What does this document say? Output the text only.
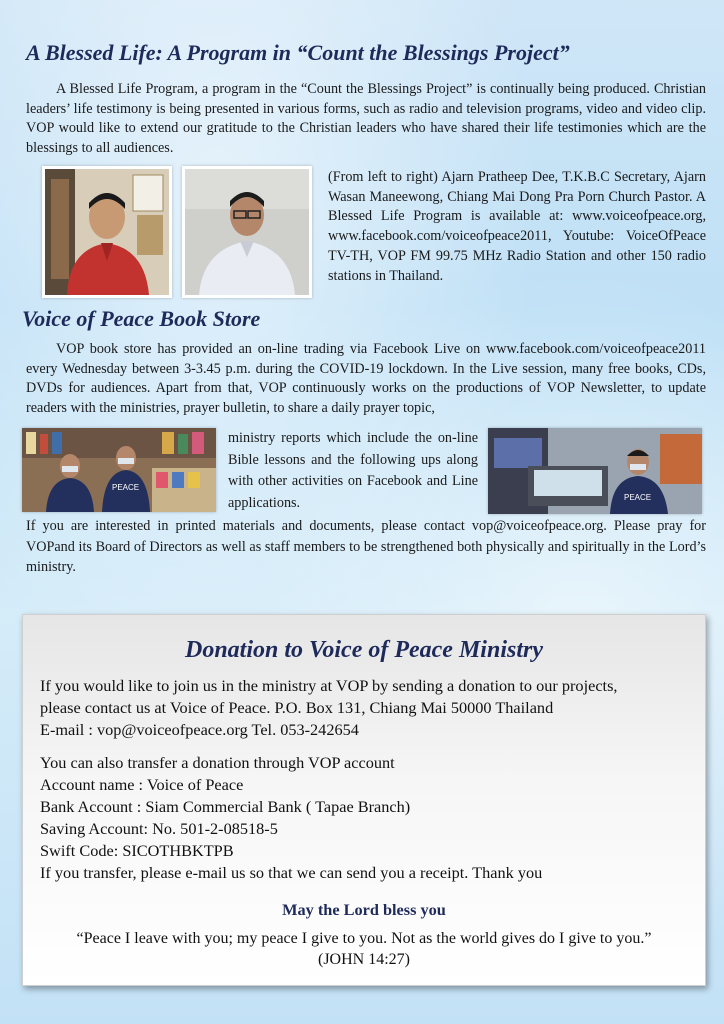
A Blessed Life: A Program in “Count the Blessings Project”

A Blessed Life Program, a program in the “Count the Blessings Project” is continually being produced. Christian leaders’ life testimony is being presented in various forms, such as radio and television programs, video and video clip. VOP would like to extend our gratitude to the Christian leaders who have shared their life testimonies which are the blessings to all audiences.

(From left to right) Ajarn Pratheep Dee, T.K.B.C Secretary, Ajarn Wasan Maneewong, Chiang Mai Dong Pra Porn Church Pastor. A Blessed Life Program is available at: www.voiceofpeace.org, www.facebook.com/voiceofpeace2011, Youtube: VoiceOfPeace TV-TH, VOP FM 99.75 MHz Radio Station and other 150 radio stations in Thailand.

Voice of Peace Book Store

VOP book store has provided an on-line trading via Facebook Live on www.facebook.com/voiceofpeace2011 every Wednesday between 3-3.45 p.m. during the COVID-19 lockdown. In the Live session, many free books, CDs, DVDs for audiences. Apart from that, VOP continuously works on the productions of VOP Newsletter, to update readers with the ministries, prayer bulletin, to share a daily prayer topic,

PEACE

ministry reports which include the on-line Bible lessons and the following ups along with other activities on Facebook and Line applications.	PEACE

If you are interested in printed materials and documents, please contact vop@voiceofpeace.org. Please pray for VOPand its Board of Directors as well as staff members to be strengthened both physically and spiritually in the Lord’s ministry.

Donation to Voice of Peace Ministry

If you would like to join us in the ministry at VOP by sending a donation to our projects,

please contact us at Voice of Peace. P.O. Box 131, Chiang Mai 50000 Thailand

E-mail : vop@voiceofpeace.org Tel. 053-242654

You can also transfer a donation through VOP account

Account name : Voice of Peace

Bank Account : Siam Commercial Bank ( Tapae Branch)

Saving Account: No. 501-2-08518-5

Swift Code: SICOTHBKTPB

If you transfer, please e-mail us so that we can send you a receipt. Thank you

May the Lord bless you

“Peace I leave with you; my peace I give to you. Not as the world gives do I give to you.”

(JOHN 14:27)
